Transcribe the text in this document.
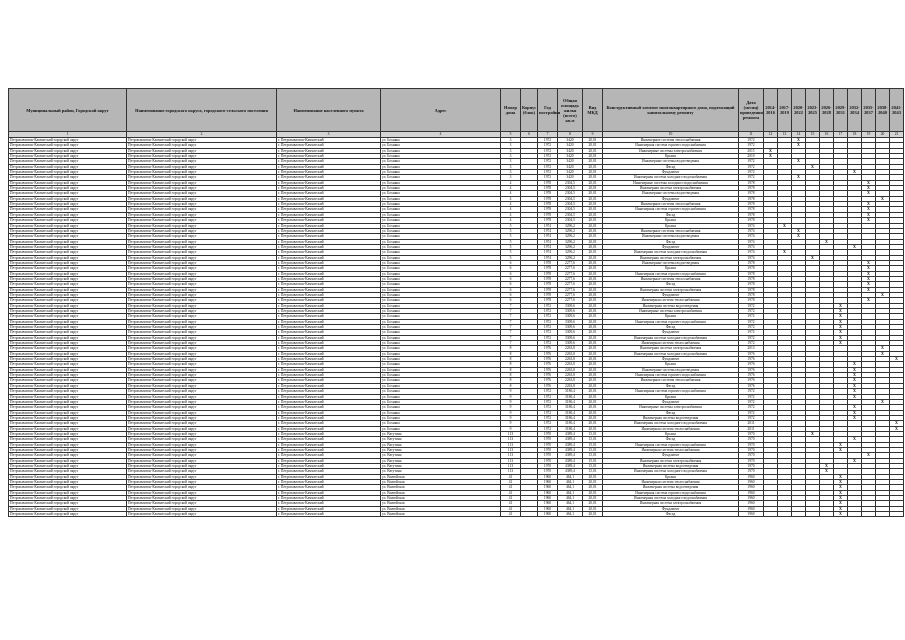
Муниципальный район, Городской округ	Наименование городского округа, городского-сельского поселения	Наименование населенного пункта	Адрес	Номер дома	Корпус (блок)	Год постройки	Общая площадь жилья (всего) кв.м	Вид МКД	Конструктивный элемент многоквартирного дома, подлежащий капитальному ремонту	Дата (месяц) проведения ремонта	2014-2016	2017-2019	2020-2022	2023-2025	2026-2028	2029-2031	2032-2034	2035-2037	2038-2040	2041-2043
1	2	3	4	5	6	7	8	9	10	11	12	13	14	15	16	17	18	19	20	21
Петропавловск-Камчатский городской округ	Петропавловск-Камчатский городской округ	г. Петропавловск-Камчатский	ул. Бохняка	3		1972	3420	20,01	Инженерные системы теплоснабжения	1972			X							
Петропавловск-Камчатский городской округ	Петропавловск-Камчатский городской округ	г. Петропавловск-Камчатский	ул. Бохняка	3		1972	3420	20,01	Инженерная система горячего водоснабжения	1972			X							
Петропавловск-Камчатский городской округ	Петропавловск-Камчатский городской округ	г. Петропавловск-Камчатский	ул. Бохняка	3		1972	3420	20,01	Инженерные системы электроснабжения	2015	X									
Петропавловск-Камчатский городской округ	Петропавловск-Камчатский городской округ	г. Петропавловск-Камчатский	ул. Бохняка	3		1972	3420	20,01	Крыша	2010	X									
Петропавловск-Камчатский городской округ	Петропавловск-Камчатский городской округ	г. Петропавловск-Камчатский	ул. Бохняка	3		1972	3420	20,01	Инженерные системы водоотведения	1972			X							
Петропавловск-Камчатский городской округ	Петропавловск-Камчатский городской округ	г. Петропавловск-Камчатский	ул. Бохняка	3		1972	3420	20,01	Фасад	1972				X						
Петропавловск-Камчатский городской округ	Петропавловск-Камчатский городской округ	г. Петропавловск-Камчатский	ул. Бохняка	3		1972	3420	20,01	Фундамент	1972							X			
Петропавловск-Камчатский городской округ	Петропавловск-Камчатский городской округ	г. Петропавловск-Камчатский	ул. Бохняка	3		1972	3420	20,01	Инженерная система холодного водоснабжения	1972			X							
Петропавловск-Камчатский городской округ	Петропавловск-Камчатский городской округ	г. Петропавловск-Камчатский	ул. Бохняка	4		1978	2304,5	20,01	Инженерные системы холодного водоснабжения	1978								X		
Петропавловск-Камчатский городской округ	Петропавловск-Камчатский городской округ	г. Петропавловск-Камчатский	ул. Бохняка	4		1978	2304,5	20,01	Инженерная система электроснабжения	1978								X		
Петропавловск-Камчатский городской округ	Петропавловск-Камчатский городской округ	г. Петропавловск-Камчатский	ул. Бохняка	4		1978	2304,5	20,01	Инженерные системы водоотведения	1978								X		
Петропавловск-Камчатский городской округ	Петропавловск-Камчатский городской округ	г. Петропавловск-Камчатский	ул. Бохняка	4		1978	2304,5	20,01	Фундамент	1978									X	
Петропавловск-Камчатский городской округ	Петропавловск-Камчатский городской округ	г. Петропавловск-Камчатский	ул. Бохняка	4		1978	2304,5	20,01	Инженерные системы теплоснабжения	1978								X		
Петропавловск-Камчатский городской округ	Петропавловск-Камчатский городской округ	г. Петропавловск-Камчатский	ул. Бохняка	4		1978	2304,5	20,01	Инженерная система горячего водоснабжения	1978								X		
Петропавловск-Камчатский городской округ	Петропавловск-Камчатский городской округ	г. Петропавловск-Камчатский	ул. Бохняка	4		1978	2304,5	20,01	Фасад	1978								X		
Петропавловск-Камчатский городской округ	Петропавловск-Камчатский городской округ	г. Петропавловск-Камчатский	ул. Бохняка	4		1978	2304,5	20,01	Крыша	1978								X		
Петропавловск-Камчатский городской округ	Петропавловск-Камчатский городской округ	г. Петропавловск-Камчатский	ул. Бохняка	5		1974	3296,2	20,01	Крыша	1974		X								
Петропавловск-Камчатский городской округ	Петропавловск-Камчатский городской округ	г. Петропавловск-Камчатский	ул. Бохняка	5		1974	3296,2	20,01	Инженерные системы теплоснабжения	1974			X							
Петропавловск-Камчатский городской округ	Петропавловск-Камчатский городской округ	г. Петропавловск-Камчатский	ул. Бохняка	5		1974	3296,2	20,01	Инженерные системы водоотведения	1974			X							
Петропавловск-Камчатский городской округ	Петропавловск-Камчатский городской округ	г. Петропавловск-Камчатский	ул. Бохняка	5		1974	3296,2	20,01	Фасад	1974					X					
Петропавловск-Камчатский городской округ	Петропавловск-Камчатский городской округ	г. Петропавловск-Камчатский	ул. Бохняка	5		1974	3296,2	20,01	Фундамент	1974							X			
Петропавловск-Камчатский городской округ	Петропавловск-Камчатский городской округ	г. Петропавловск-Камчатский	ул. Бохняка	5		1974	3296,2	20,01	Инженерная система холодного водоснабжения	1974		X								
Петропавловск-Камчатский городской округ	Петропавловск-Камчатский городской округ	г. Петропавловск-Камчатский	ул. Бохняка	5		1974	3296,2	20,01	Инженерная система электроснабжения	1974				X						
Петропавловск-Камчатский городской округ	Петропавловск-Камчатский городской округ	г. Петропавловск-Камчатский	ул. Бохняка	6		1978	2277,6	20,01	Инженерные системы водоотведения	1978								X		
Петропавловск-Камчатский городской округ	Петропавловск-Камчатский городской округ	г. Петропавловск-Камчатский	ул. Бохняка	6		1978	2277,6	20,01	Крыша	1978								X		
Петропавловск-Камчатский городской округ	Петропавловск-Камчатский городской округ	г. Петропавловск-Камчатский	ул. Бохняка	6		1978	2277,6	20,01	Инженерная система горячего водоснабжения	1978								X		
Петропавловск-Камчатский городской округ	Петропавловск-Камчатский городской округ	г. Петропавловск-Камчатский	ул. Бохняка	6		1978	2277,6	20,01	Инженерные системы теплоснабжения	1978								X		
Петропавловск-Камчатский городской округ	Петропавловск-Камчатский городской округ	г. Петропавловск-Камчатский	ул. Бохняка	6		1978	2277,6	20,01	Фасад	1978								X		
Петропавловск-Камчатский городской округ	Петропавловск-Камчатский городской округ	г. Петропавловск-Камчатский	ул. Бохняка	6		1978	2277,6	20,01	Инженерная система электроснабжения	1978								X		
Петропавловск-Камчатский городской округ	Петропавловск-Камчатский городской округ	г. Петропавловск-Камчатский	ул. Бохняка	6		1978	2277,6	20,01	Фундамент	1978									X	
Петропавловск-Камчатский городской округ	Петропавловск-Камчатский городской округ	г. Петропавловск-Камчатский	ул. Бохняка	6		1978	2277,6	20,01	Инженерная система теплоснабжения	1978								X		
Петропавловск-Камчатский городской округ	Петропавловск-Камчатский городской округ	г. Петропавловск-Камчатский	ул. Бохняка	7		1972	3309,6	20,01	Инженерная система водоотведения	1972						X				
Петропавловск-Камчатский городской округ	Петропавловск-Камчатский городской округ	г. Петропавловск-Камчатский	ул. Бохняка	7		1972	3309,6	20,01	Инженерные системы электроснабжения	1972						X				
Петропавловск-Камчатский городской округ	Петропавловск-Камчатский городской округ	г. Петропавловск-Камчатский	ул. Бохняка	7		1972	3309,6	20,01	Крыша	1972						X				
Петропавловск-Камчатский городской округ	Петропавловск-Камчатский городской округ	г. Петропавловск-Камчатский	ул. Бохняка	7		1972	3309,6	20,01	Инженерная система горячего водоснабжения	1972						X				
Петропавловск-Камчатский городской округ	Петропавловск-Камчатский городской округ	г. Петропавловск-Камчатский	ул. Бохняка	7		1972	3309,6	20,01	Фасад	1972						X				
Петропавловск-Камчатский городской округ	Петропавловск-Камчатский городской округ	г. Петропавловск-Камчатский	ул. Бохняка	7		1972	3309,6	20,01	Фундамент	1972						X				
Петропавловск-Камчатский городской округ	Петропавловск-Камчатский городской округ	г. Петропавловск-Камчатский	ул. Бохняка	7		1972	3309,6	20,01	Инженерная система холодного водоснабжения	1972						X				
Петропавловск-Камчатский городской округ	Петропавловск-Камчатский городской округ	г. Петропавловск-Камчатский	ул. Бохняка	7		1972	3309,6	20,01	Инженерная система теплоснабжения	1972						X				
Петропавловск-Камчатский городской округ	Петропавловск-Камчатский городской округ	г. Петропавловск-Камчатский	ул. Бохняка	8		1976	2263,8	20,01	Инженерная система электроснабжения	2013									X	
Петропавловск-Камчатский городской округ	Петропавловск-Камчатский городской округ	г. Петропавловск-Камчатский	ул. Бохняка	8		1976	2263,8	20,01	Инженерная система холодного водоснабжения	1976									X	
Петропавловск-Камчатский городской округ	Петропавловск-Камчатский городской округ	г. Петропавловск-Камчатский	ул. Бохняка	8		1976	2263,8	20,01	Фундамент	1976										X
Петропавловск-Камчатский городской округ	Петропавловск-Камчатский городской округ	г. Петропавловск-Камчатский	ул. Бохняка	8		1976	2263,8	20,01	Крыша	1976							X			
Петропавловск-Камчатский городской округ	Петропавловск-Камчатский городской округ	г. Петропавловск-Камчатский	ул. Бохняка	8		1976	2263,8	20,01	Инженерные системы водоотведения	1976							X			
Петропавловск-Камчатский городской округ	Петропавловск-Камчатский городской округ	г. Петропавловск-Камчатский	ул. Бохняка	8		1976	2263,8	20,01	Инженерная система горячего водоснабжения	1976							X			
Петропавловск-Камчатский городской округ	Петропавловск-Камчатский городской округ	г. Петропавловск-Камчатский	ул. Бохняка	8		1976	2263,8	20,01	Инженерные системы теплоснабжения	1976							X			
Петропавловск-Камчатский городской округ	Петропавловск-Камчатский городской округ	г. Петропавловск-Камчатский	ул. Бохняка	8		1976	2263,8	20,01	Фасад	1976							X			
Петропавловск-Камчатский городской округ	Петропавловск-Камчатский городской округ	г. Петропавловск-Камчатский	ул. Бохняка	9		1972	3186,4	20,01	Инженерная система горячего водоснабжения	1972							X			
Петропавловск-Камчатский городской округ	Петропавловск-Камчатский городской округ	г. Петропавловск-Камчатский	ул. Бохняка	9		1972	3186,4	20,01	Крыша	1972							X			
Петропавловск-Камчатский городской округ	Петропавловск-Камчатский городской округ	г. Петропавловск-Камчатский	ул. Бохняка	9		1972	3186,4	20,01	Фундамент	1972									X	
Петропавловск-Камчатский городской округ	Петропавловск-Камчатский городской округ	г. Петропавловск-Камчатский	ул. Бохняка	9		1972	3186,4	20,01	Инженерные системы электроснабжения	1972							X			
Петропавловск-Камчатский городской округ	Петропавловск-Камчатский городской округ	г. Петропавловск-Камчатский	ул. Бохняка	9		1972	3186,4	20,01	Фасад	1972							X			
Петропавловск-Камчатский городской округ	Петропавловск-Камчатский городской округ	г. Петропавловск-Камчатский	ул. Бохняка	9		1972	3186,4	20,01	Инженерная система водоотведения	1972							X			
Петропавловск-Камчатский городской округ	Петропавловск-Камчатский городской округ	г. Петропавловск-Камчатский	ул. Бохняка	9		1972	3186,4	20,01	Инженерная система холодного водоснабжения	2011										X
Петропавловск-Камчатский городской округ	Петропавловск-Камчатский городской округ	г. Петропавловск-Камчатский	ул. Бохняка	9		1972	3186,4	20,01	Инженерная система теплоснабжения	2011										X
Петропавловск-Камчатский городской округ	Петропавловск-Камчатский городской округ	г. Петропавловск-Камчатский	ул. Ватутина	113		1970	4389,4	15,01	Крыша	1970				X						
Петропавловск-Камчатский городской округ	Петропавловск-Камчатский городской округ	г. Петропавловск-Камчатский	ул. Ватутина	113		1970	4389,4	15,01	Фасад	1970							X			
Петропавловск-Камчатский городской округ	Петропавловск-Камчатский городской округ	г. Петропавловск-Камчатский	ул. Ватутина	113		1970	4389,4	15,01	Инженерная система горячего водоснабжения	1970						X				
Петропавловск-Камчатский городской округ	Петропавловск-Камчатский городской округ	г. Петропавловск-Камчатский	ул. Ватутина	113		1970	4389,4	15,01	Инженерная система теплоснабжения	1970						X				
Петропавловск-Камчатский городской округ	Петропавловск-Камчатский городской округ	г. Петропавловск-Камчатский	ул. Ватутина	113		1970	4389,4	15,01	Фундамент	1970								X		
Петропавловск-Камчатский городской округ	Петропавловск-Камчатский городской округ	г. Петропавловск-Камчатский	ул. Ватутина	113		1970	4389,4	15,01	Инженерная система электроснабжения	1970							X			
Петропавловск-Камчатский городской округ	Петропавловск-Камчатский городской округ	г. Петропавловск-Камчатский	ул. Ватутина	113		1970	4389,4	15,01	Инженерная система водоотведения	1970					X					
Петропавловск-Камчатский городской округ	Петропавловск-Камчатский городской округ	г. Петропавловск-Камчатский	ул. Ватутина	113		1970	4389,4	15,01	Инженерная система холодного водоснабжения	1970					X					
Петропавловск-Камчатский городской округ	Петропавловск-Камчатский городской округ	г. Петропавловск-Камчатский	ул. Вилюйская	41		1960	464,1	20,01	Крыша	1960						X				
Петропавловск-Камчатский городской округ	Петропавловск-Камчатский городской округ	г. Петропавловск-Камчатский	ул. Вилюйская	41		1960	464,1	20,01	Инженерная система теплоснабжения	1960						X				
Петропавловск-Камчатский городской округ	Петропавловск-Камчатский городской округ	г. Петропавловск-Камчатский	ул. Вилюйская	41		1960	464,1	20,01	Инженерная система водоотведения	1960						X				
Петропавловск-Камчатский городской округ	Петропавловск-Камчатский городской округ	г. Петропавловск-Камчатский	ул. Вилюйская	41		1960	464,1	20,01	Инженерная система горячего водоснабжения	1960						X				
Петропавловск-Камчатский городской округ	Петропавловск-Камчатский городской округ	г. Петропавловск-Камчатский	ул. Вилюйская	41		1960	464,1	20,01	Инженерная система холодного водоснабжения	1960						X				
Петропавловск-Камчатский городской округ	Петропавловск-Камчатский городской округ	г. Петропавловск-Камчатский	ул. Вилюйская	41		1960	464,1	20,01	Инженерная система электроснабжения	1960						X				
Петропавловск-Камчатский городской округ	Петропавловск-Камчатский городской округ	г. Петропавловск-Камчатский	ул. Вилюйская	41		1960	464,1	20,01	Фундамент	1960						X				
Петропавловск-Камчатский городской округ	Петропавловск-Камчатский городской округ	г. Петропавловск-Камчатский	ул. Вилюйская	41		1960	464,1	20,01	Фасад	1960						X				
